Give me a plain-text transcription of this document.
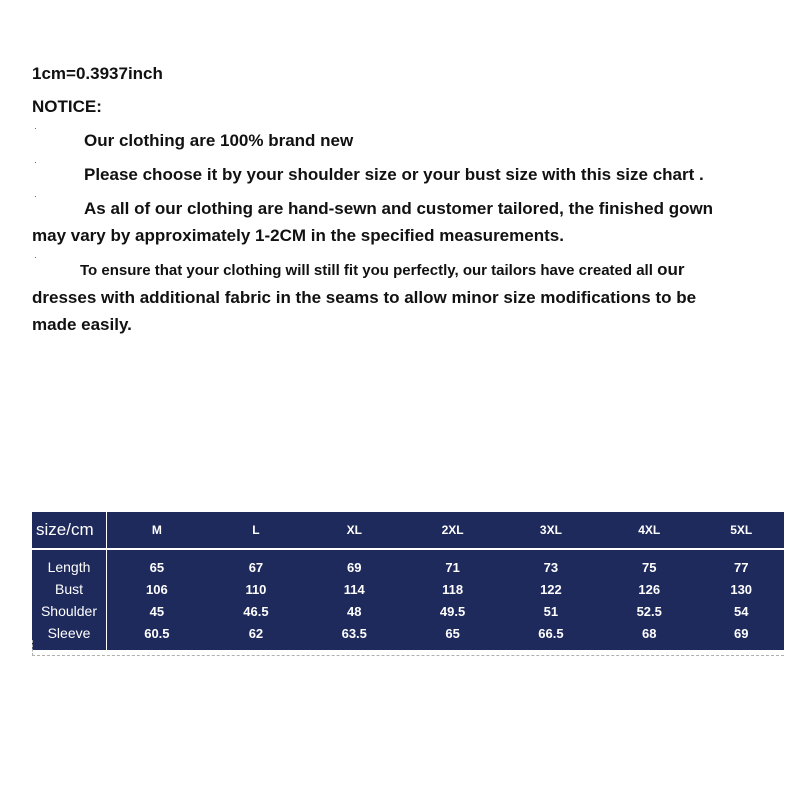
1cm=0.3937inch
NOTICE:
·
Our clothing are 100% brand new
·
Please choose it by your shoulder size or your bust size with this size chart .
·
As all of our clothing are hand-sewn and customer tailored, the finished gown
may vary by approximately 1-2CM in the specified measurements.
·
To ensure that your clothing will still fit you perfectly, our tailors have created all our
dresses with additional fabric in the seams to allow minor size modifications to be
made easily.
size/cm	M	L	XL	2XL	3XL	4XL	5XL
Length	65	67	69	71	73	75	77
Bust	106	110	114	118	122	126	130
Shoulder	45	46.5	48	49.5	51	52.5	54
Sleeve	60.5	62	63.5	65	66.5	68	69
